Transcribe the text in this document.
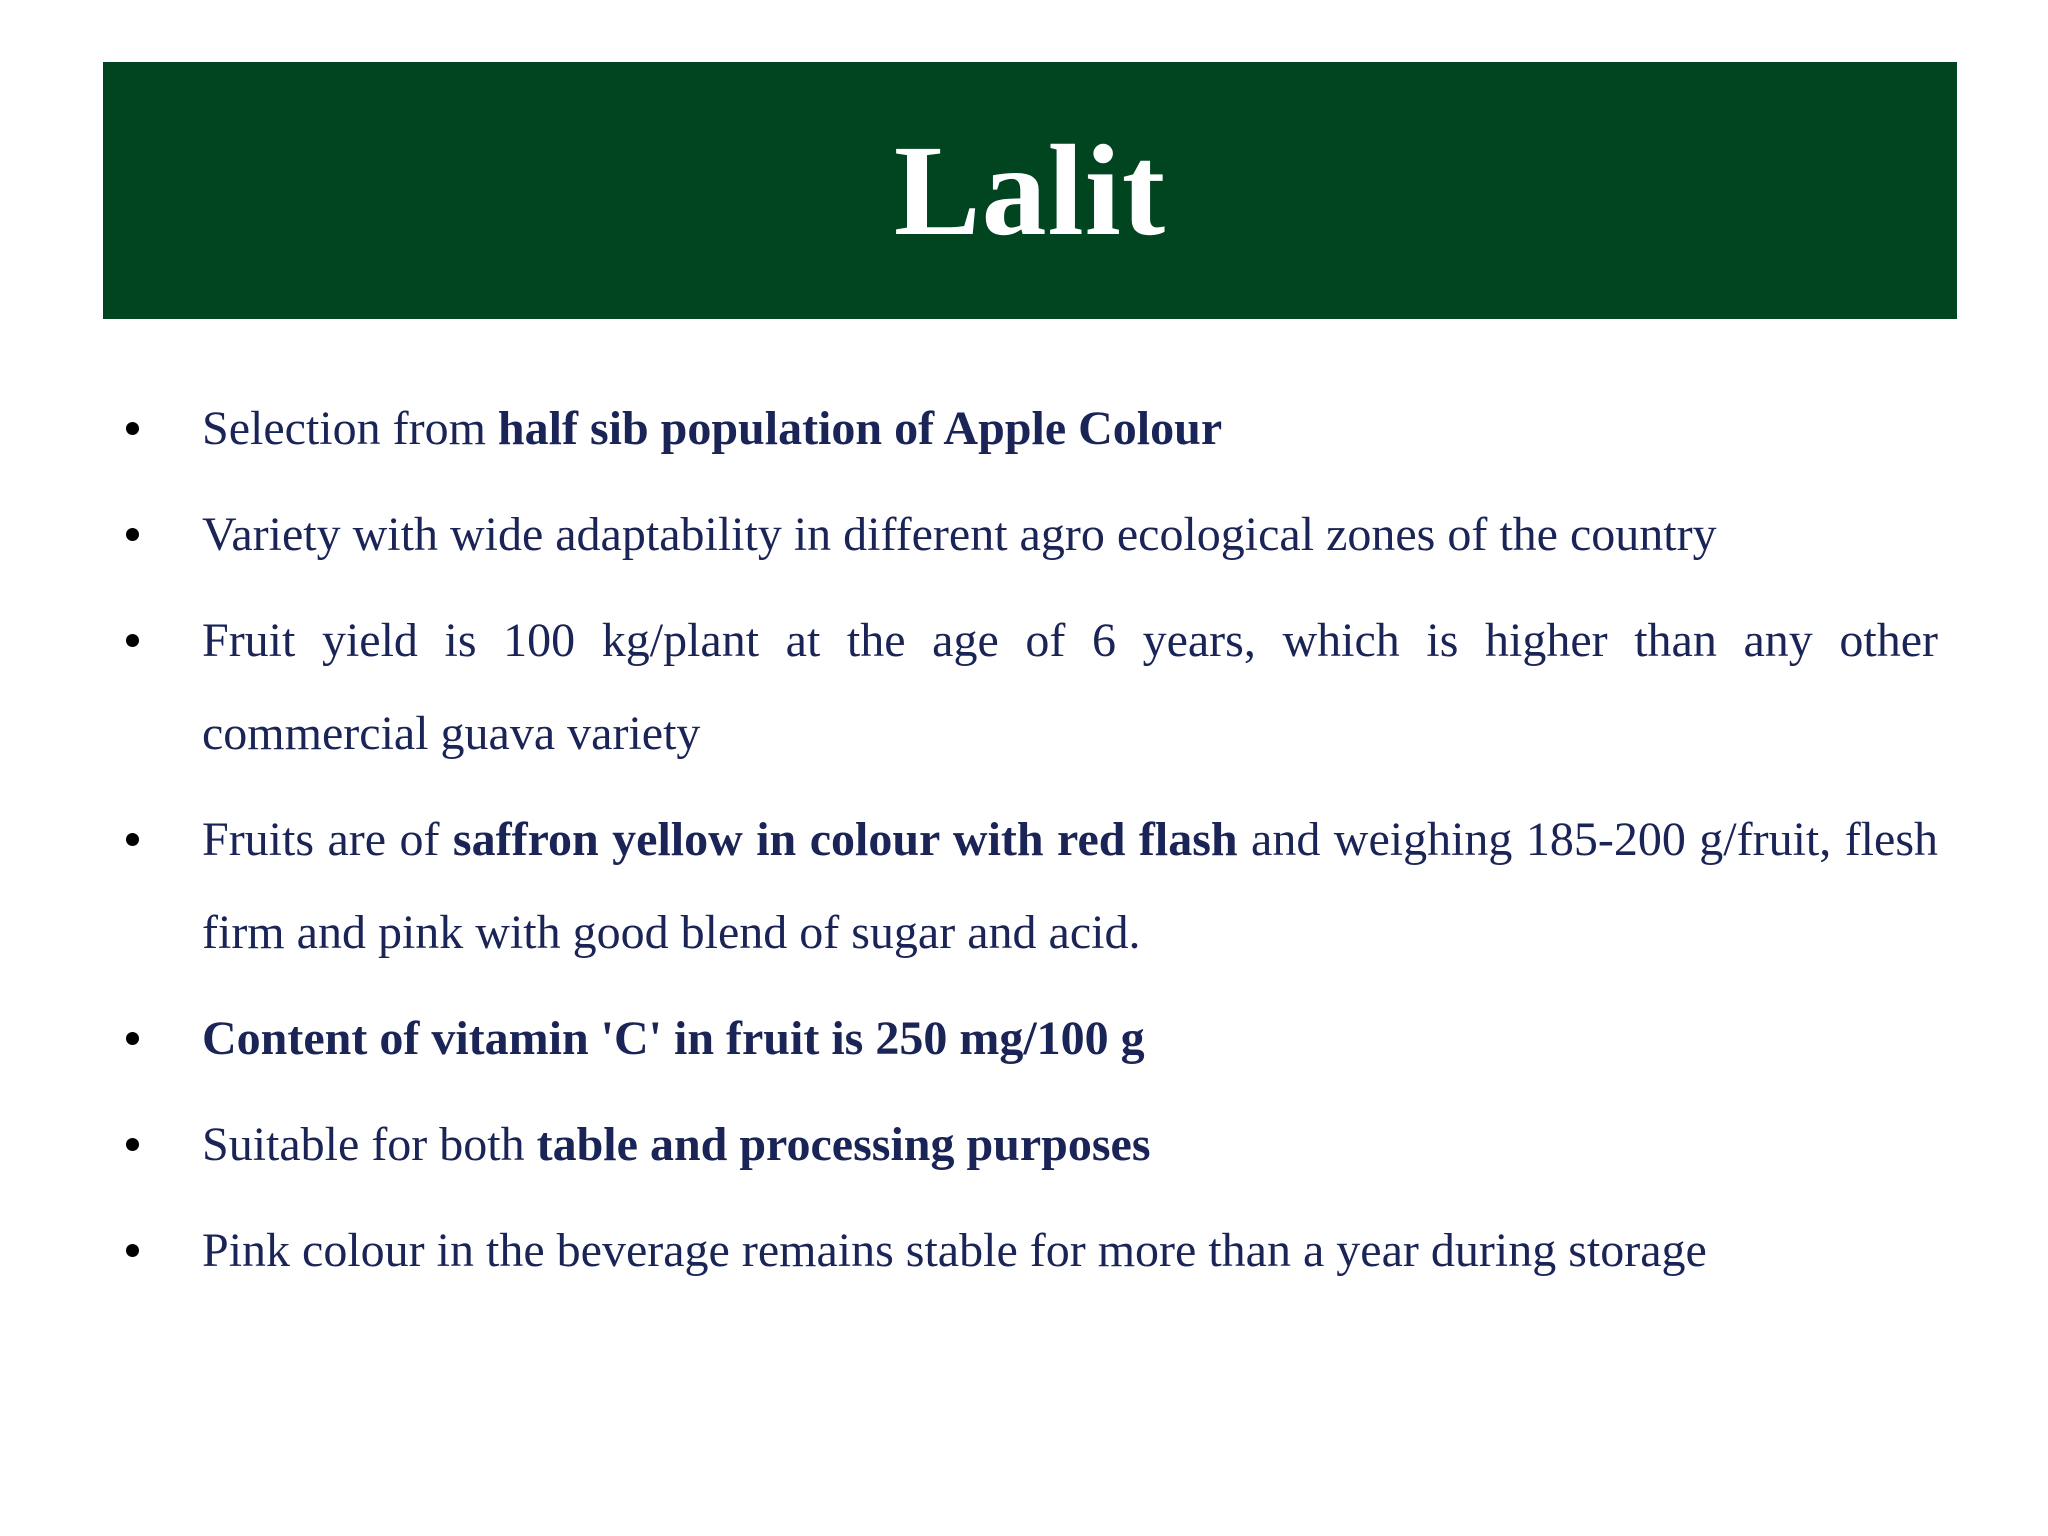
Lalit
Selection from half sib population of Apple Colour
Variety with wide adaptability in different agro ecological zones of the country
Fruit yield is 100 kg/plant at the age of 6 years, which is higher than any other commercial guava variety
Fruits are of saffron yellow in colour with red flash and weighing 185-200 g/fruit, flesh firm and pink with good blend of sugar and acid.
Content of vitamin 'C' in fruit is 250 mg/100 g
Suitable for both table and processing purposes
Pink colour in the beverage remains stable for more than a year during storage
